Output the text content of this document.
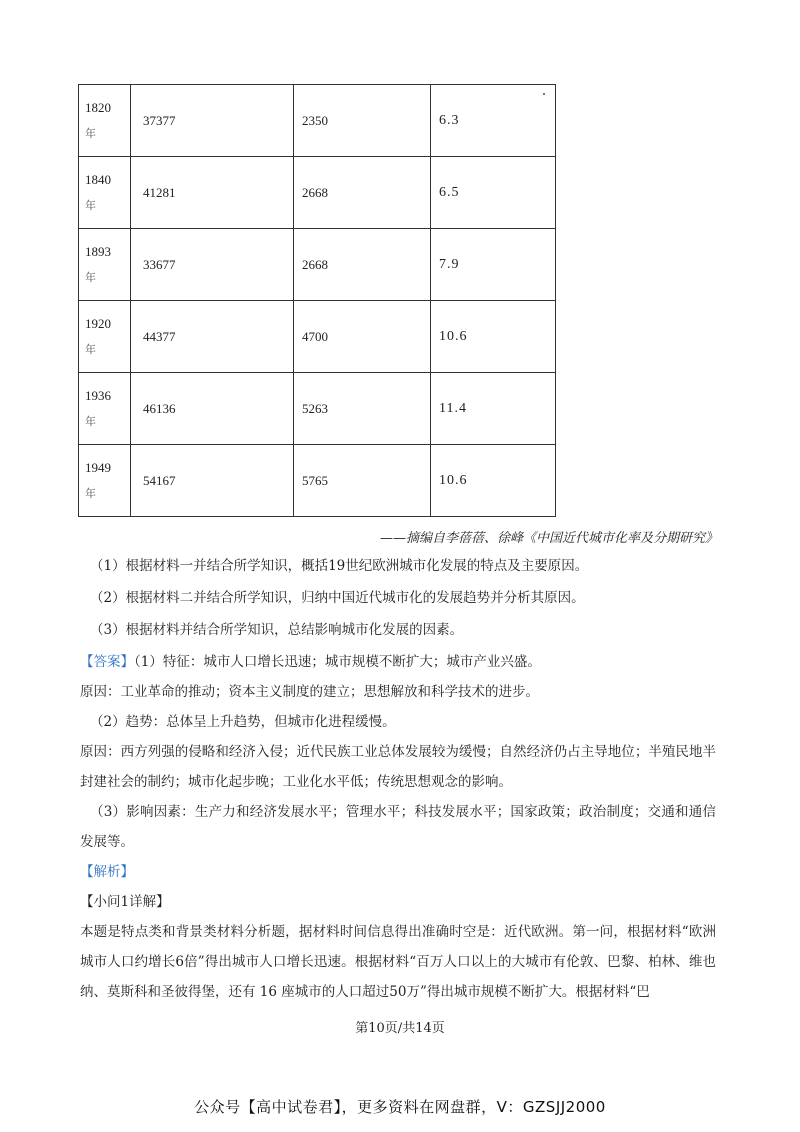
1820
年	37377	2350	6.3

1840
年	41281	2668	6.5

1893
年	33677	2668	7.9

1920
年	44377	4700	10.6

1936
年	46136	5263	11.4

1949
年	54167	5765	10.6
——摘编自李蓓蓓、徐峰《中国近代城市化率及分期研究》
（1）根据材料一并结合所学知识，概括19世纪欧洲城市化发展的特点及主要原因。
（2）根据材料二并结合所学知识，归纳中国近代城市化的发展趋势并分析其原因。
（3）根据材料并结合所学知识，总结影响城市化发展的因素。
【答案】（1）特征：城市人口增长迅速；城市规模不断扩大；城市产业兴盛。
原因：工业革命的推动；资本主义制度的建立；思想解放和科学技术的进步。
（2）趋势：总体呈上升趋势，但城市化进程缓慢。
原因：西方列强的侵略和经济入侵；近代民族工业总体发展较为缓慢；自然经济仍占主导地位；半殖民地半封建社会的制约；城市化起步晚；工业化水平低；传统思想观念的影响。
（3）影响因素：生产力和经济发展水平；管理水平；科技发展水平；国家政策；政治制度；交通和通信发展等。
【解析】
【小问1详解】
本题是特点类和背景类材料分析题，据材料时间信息得出准确时空是：近代欧洲。第一问，根据材料“欧洲城市人口约增长6倍”得出城市人口增长迅速。根据材料“百万人口以上的大城市有伦敦、巴黎、柏林、维也纳、莫斯科和圣彼得堡，还有 16 座城市的人口超过50万”得出城市规模不断扩大。根据材料“巴
第10页/共14页
公众号【高中试卷君】，更多资料在网盘群，V：GZSJJ2000
